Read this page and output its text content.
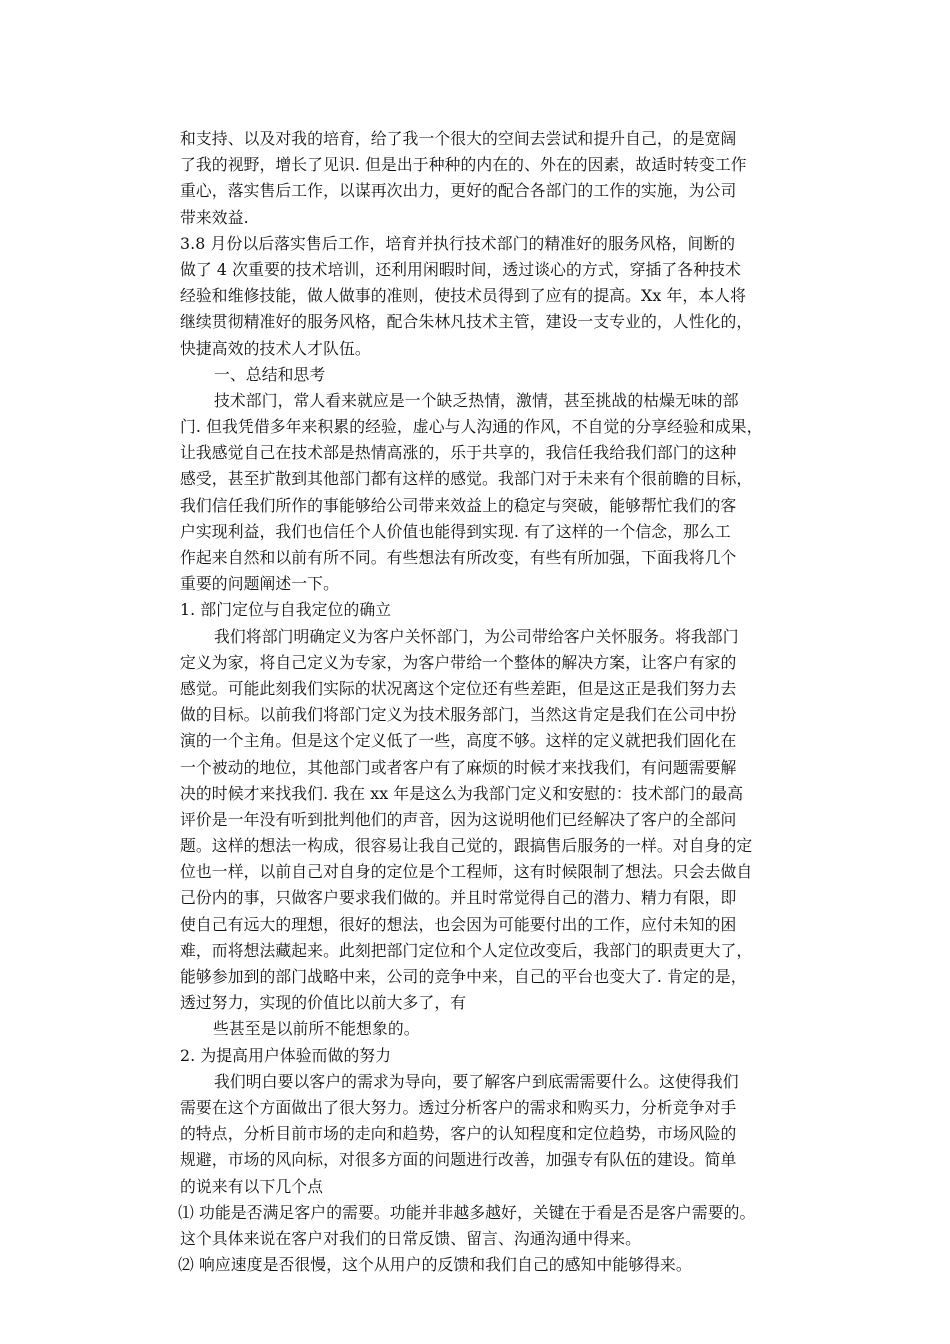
和支持、以及对我的培育，给了我一个很大的空间去尝试和提升自己，的是宽阔
了我的视野，增长了见识. 但是出于种种的内在的、外在的因素，故适时转变工作
重心，落实售后工作，以谋再次出力，更好的配合各部门的工作的实施，为公司
带来效益.
3.8 月份以后落实售后工作，培育并执行技术部门的精准好的服务风格，间断的
做了 4 次重要的技术培训，还利用闲暇时间，透过谈心的方式，穿插了各种技术
经验和维修技能，做人做事的准则，使技术员得到了应有的提高。Xx 年，本人将
继续贯彻精准好的服务风格，配合朱林凡技术主管，建设一支专业的，人性化的，
快捷高效的技术人才队伍。
一、总结和思考
技术部门，常人看来就应是一个缺乏热情，激情，甚至挑战的枯燥无味的部
门. 但我凭借多年来积累的经验，虚心与人沟通的作风，不自觉的分享经验和成果，
让我感觉自己在技术部是热情高涨的，乐于共享的，我信任我给我们部门的这种
感受，甚至扩散到其他部门都有这样的感觉。我部门对于未来有个很前瞻的目标，
我们信任我们所作的事能够给公司带来效益上的稳定与突破，能够帮忙我们的客
户实现利益，我们也信任个人价值也能得到实现. 有了这样的一个信念，那么工
作起来自然和以前有所不同。有些想法有所改变，有些有所加强，下面我将几个
重要的问题阐述一下。
1. 部门定位与自我定位的确立
我们将部门明确定义为客户关怀部门，为公司带给客户关怀服务。将我部门
定义为家，将自己定义为专家，为客户带给一个整体的解决方案，让客户有家的
感觉。可能此刻我们实际的状况离这个定位还有些差距，但是这正是我们努力去
做的目标。以前我们将部门定义为技术服务部门，当然这肯定是我们在公司中扮
演的一个主角。但是这个定义低了一些，高度不够。这样的定义就把我们固化在
一个被动的地位，其他部门或者客户有了麻烦的时候才来找我们，有问题需要解
决的时候才来找我们. 我在 xx 年是这么为我部门定义和安慰的：技术部门的最高
评价是一年没有听到批判他们的声音，因为这说明他们已经解决了客户的全部问
题。这样的想法一构成，很容易让我自己觉的，跟搞售后服务的一样。对自身的定
位也一样，以前自己对自身的定位是个工程师，这有时候限制了想法。只会去做自
己份内的事，只做客户要求我们做的。并且时常觉得自己的潜力、精力有限，即
使自己有远大的理想，很好的想法，也会因为可能要付出的工作，应付未知的困
难，而将想法藏起来。此刻把部门定位和个人定位改变后，我部门的职责更大了，
能够参加到的部门战略中来，公司的竞争中来，自己的平台也变大了. 肯定的是，
透过努力，实现的价值比以前大多了，有
些甚至是以前所不能想象的。
2. 为提高用户体验而做的努力
我们明白要以客户的需求为导向，要了解客户到底需需要什么。这使得我们
需要在这个方面做出了很大努力。透过分析客户的需求和购买力，分析竞争对手
的特点，分析目前市场的走向和趋势，客户的认知程度和定位趋势，市场风险的
规避，市场的风向标，对很多方面的问题进行改善，加强专有队伍的建设。简单
的说来有以下几个点
⑴ 功能是否满足客户的需要。功能并非越多越好，关键在于看是否是客户需要的。
这个具体来说在客户对我们的日常反馈、留言、沟通沟通中得来。
⑵ 响应速度是否很慢，这个从用户的反馈和我们自己的感知中能够得来。
